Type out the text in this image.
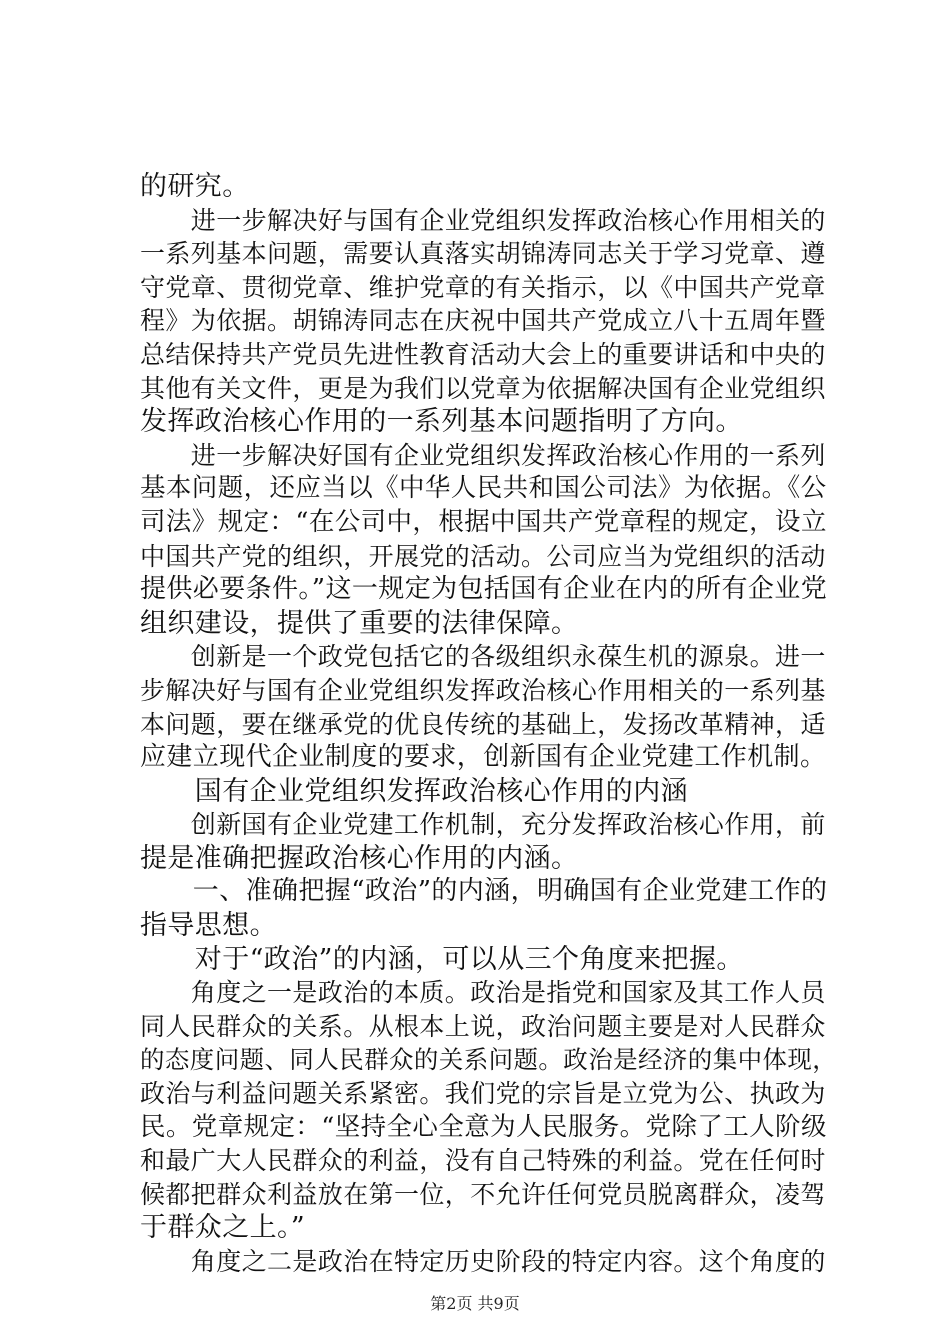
的研究。
　　进一步解决好与国有企业党组织发挥政治核心作用相关的
一系列基本问题，需要认真落实胡锦涛同志关于学习党章、遵
守党章、贯彻党章、维护党章的有关指示，以《中国共产党章
程》为依据。胡锦涛同志在庆祝中国共产党成立八十五周年暨
总结保持共产党员先进性教育活动大会上的重要讲话和中央的
其他有关文件，更是为我们以党章为依据解决国有企业党组织
发挥政治核心作用的一系列基本问题指明了方向。
　　进一步解决好国有企业党组织发挥政治核心作用的一系列
基本问题，还应当以《中华人民共和国公司法》为依据。《公
司法》规定：“在公司中，根据中国共产党章程的规定，设立
中国共产党的组织，开展党的活动。公司应当为党组织的活动
提供必要条件。”这一规定为包括国有企业在内的所有企业党
组织建设，提供了重要的法律保障。
　　创新是一个政党包括它的各级组织永葆生机的源泉。进一
步解决好与国有企业党组织发挥政治核心作用相关的一系列基
本问题，要在继承党的优良传统的基础上，发扬改革精神，适
应建立现代企业制度的要求，创新国有企业党建工作机制。
　　国有企业党组织发挥政治核心作用的内涵
　　创新国有企业党建工作机制，充分发挥政治核心作用，前
提是准确把握政治核心作用的内涵。
　　一、准确把握“政治”的内涵，明确国有企业党建工作的
指导思想。
　　对于“政治”的内涵，可以从三个角度来把握。
　　角度之一是政治的本质。政治是指党和国家及其工作人员
同人民群众的关系。从根本上说，政治问题主要是对人民群众
的态度问题、同人民群众的关系问题。政治是经济的集中体现，
政治与利益问题关系紧密。我们党的宗旨是立党为公、执政为
民。党章规定：“坚持全心全意为人民服务。党除了工人阶级
和最广大人民群众的利益，没有自己特殊的利益。党在任何时
候都把群众利益放在第一位，不允许任何党员脱离群众，凌驾
于群众之上。”
　　角度之二是政治在特定历史阶段的特定内容。这个角度的
第2页 共9页
